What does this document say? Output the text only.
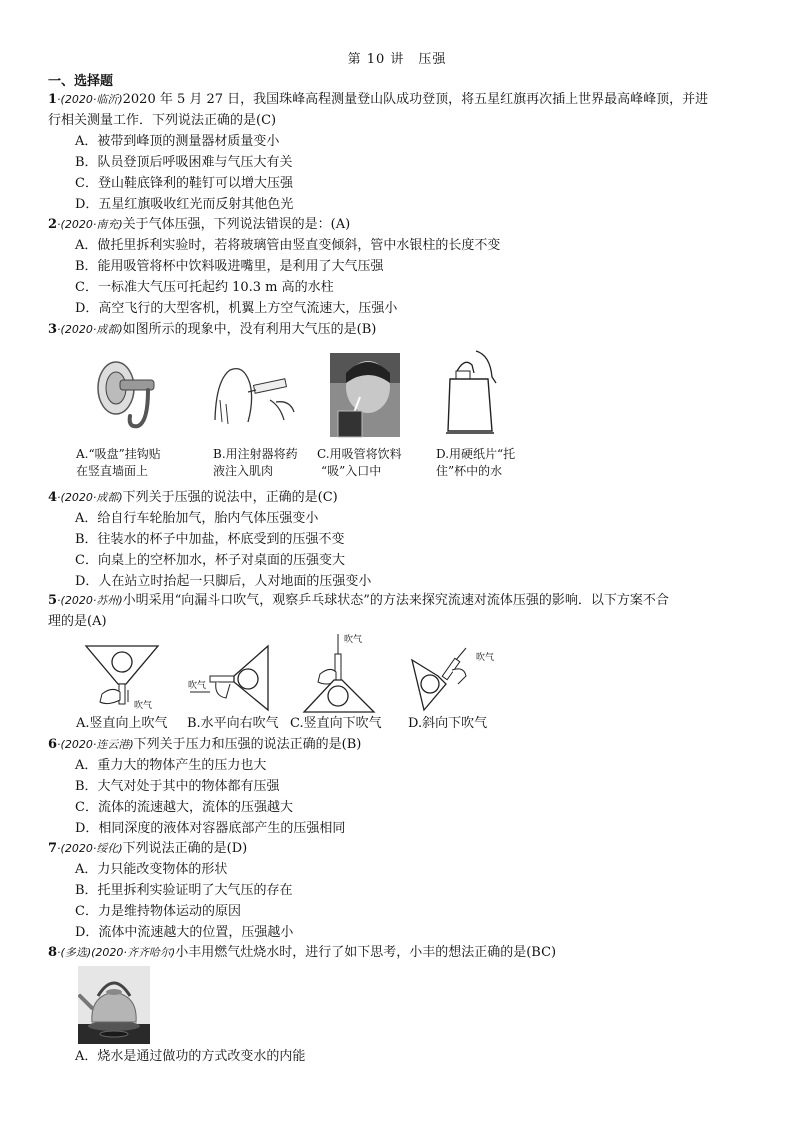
第 10 讲　压强
一、选择题
1·(2020·临沂)2020 年 5 月 27 日，我国珠峰高程测量登山队成功登顶，将五星红旗再次插上世界最高峰峰顶，并进
行相关测量工作．下列说法正确的是(C)
A．被带到峰顶的测量器材质量变小
B．队员登顶后呼吸困难与气压大有关
C．登山鞋底锋利的鞋钉可以增大压强
D．五星红旗吸收红光而反射其他色光
2·(2020·南充)关于气体压强，下列说法错误的是：(A)
A．做托里拆利实验时，若将玻璃管由竖直变倾斜，管中水银柱的长度不变
B．能用吸管将杯中饮料吸进嘴里，是利用了大气压强
C．一标准大气压可托起约 10.3 m 高的水柱
D．高空飞行的大型客机，机翼上方空气流速大，压强小
3·(2020·成都)如图所示的现象中，没有利用大气压的是(B)
A.“吸盘”挂钩贴
在竖直墙面上
B.用注射器将药
液注入肌肉
C.用吸管将饮料
“吸”入口中
D.用硬纸片“托
住”杯中的水
4·(2020·成都)下列关于压强的说法中，正确的是(C)
A．给自行车轮胎加气，胎内气体压强变小
B．往装水的杯子中加盐，杯底受到的压强不变
C．向桌上的空杯加水，杯子对桌面的压强变大
D．人在站立时抬起一只脚后，人对地面的压强变小
5·(2020·苏州)小明采用“向漏斗口吹气，观察乒乓球状态”的方法来探究流速对流体压强的影响．以下方案不合
理的是(A)
吹气
吹气
吹气
吹气
A.竖直向上吹气 B.水平向右吹气 C.竖直向下吹气 D.斜向下吹气
6·(2020·连云港)下列关于压力和压强的说法正确的是(B)
A．重力大的物体产生的压力也大
B．大气对处于其中的物体都有压强
C．流体的流速越大，流体的压强越大
D．相同深度的液体对容器底部产生的压强相同
7·(2020·绥化)下列说法正确的是(D)
A．力只能改变物体的形状
B．托里拆利实验证明了大气压的存在
C．力是维持物体运动的原因
D．流体中流速越大的位置，压强越小
8·(多选)(2020·齐齐哈尔)小丰用燃气灶烧水时，进行了如下思考，小丰的想法正确的是(BC)
A．烧水是通过做功的方式改变水的内能
